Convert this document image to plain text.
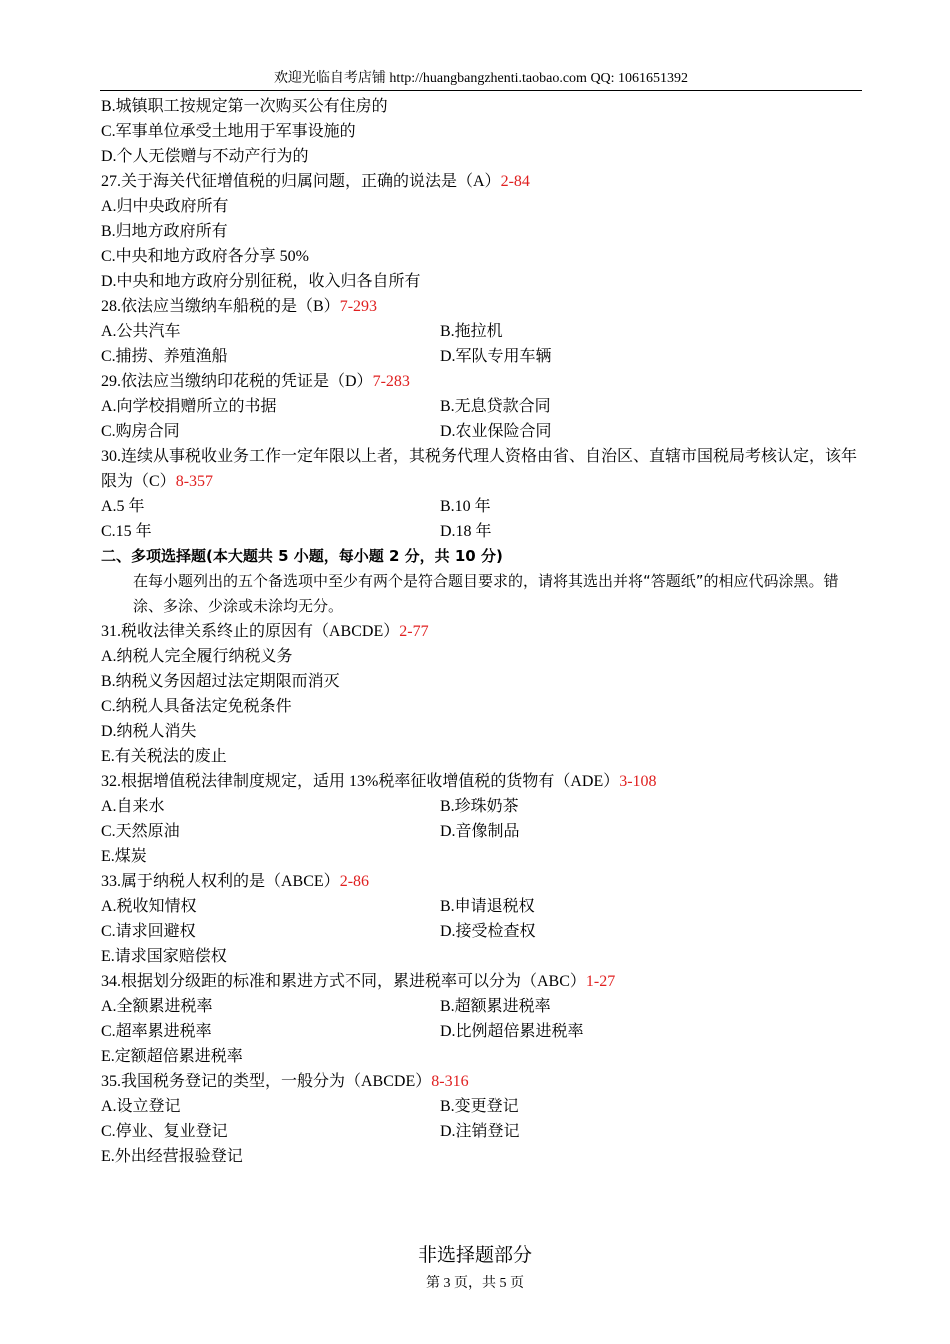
欢迎光临自考店铺 http://huangbangzhenti.taobao.com QQ: 1061651392
B.城镇职工按规定第一次购买公有住房的
C.军事单位承受土地用于军事设施的
D.个人无偿赠与不动产行为的
27.关于海关代征增值税的归属问题，正确的说法是（A）2-84
A.归中央政府所有
B.归地方政府所有
C.中央和地方政府各分享 50%
D.中央和地方政府分别征税，收入归各自所有
28.依法应当缴纳车船税的是（B）7-293
A.公共汽车	B.拖拉机
C.捕捞、养殖渔船	D.军队专用车辆
29.依法应当缴纳印花税的凭证是（D）7-283
A.向学校捐赠所立的书据	B.无息贷款合同
C.购房合同	D.农业保险合同
30.连续从事税收业务工作一定年限以上者，其税务代理人资格由省、自治区、直辖市国税局考核认定，该年限为（C）8-357
A.5 年	B.10 年
C.15 年	D.18 年
二、多项选择题(本大题共 5 小题，每小题 2 分，共 10 分)
在每小题列出的五个备选项中至少有两个是符合题目要求的，请将其选出并将“答题纸”的相应代码涂黑。错涂、多涂、少涂或未涂均无分。
31.税收法律关系终止的原因有（ABCDE）2-77
A.纳税人完全履行纳税义务
B.纳税义务因超过法定期限而消灭
C.纳税人具备法定免税条件
D.纳税人消失
E.有关税法的废止
32.根据增值税法律制度规定，适用 13%税率征收增值税的货物有（ADE）3-108
A.自来水	B.珍珠奶茶
C.天然原油	D.音像制品
E.煤炭
33.属于纳税人权利的是（ABCE）2-86
A.税收知情权	B.申请退税权
C.请求回避权	D.接受检查权
E.请求国家赔偿权
34.根据划分级距的标准和累进方式不同，累进税率可以分为（ABC）1-27
A.全额累进税率	B.超额累进税率
C.超率累进税率	D.比例超倍累进税率
E.定额超倍累进税率
35.我国税务登记的类型，一般分为（ABCDE）8-316
A.设立登记	B.变更登记
C.停业、复业登记	D.注销登记
E.外出经营报验登记
非选择题部分
第 3 页，共 5 页
